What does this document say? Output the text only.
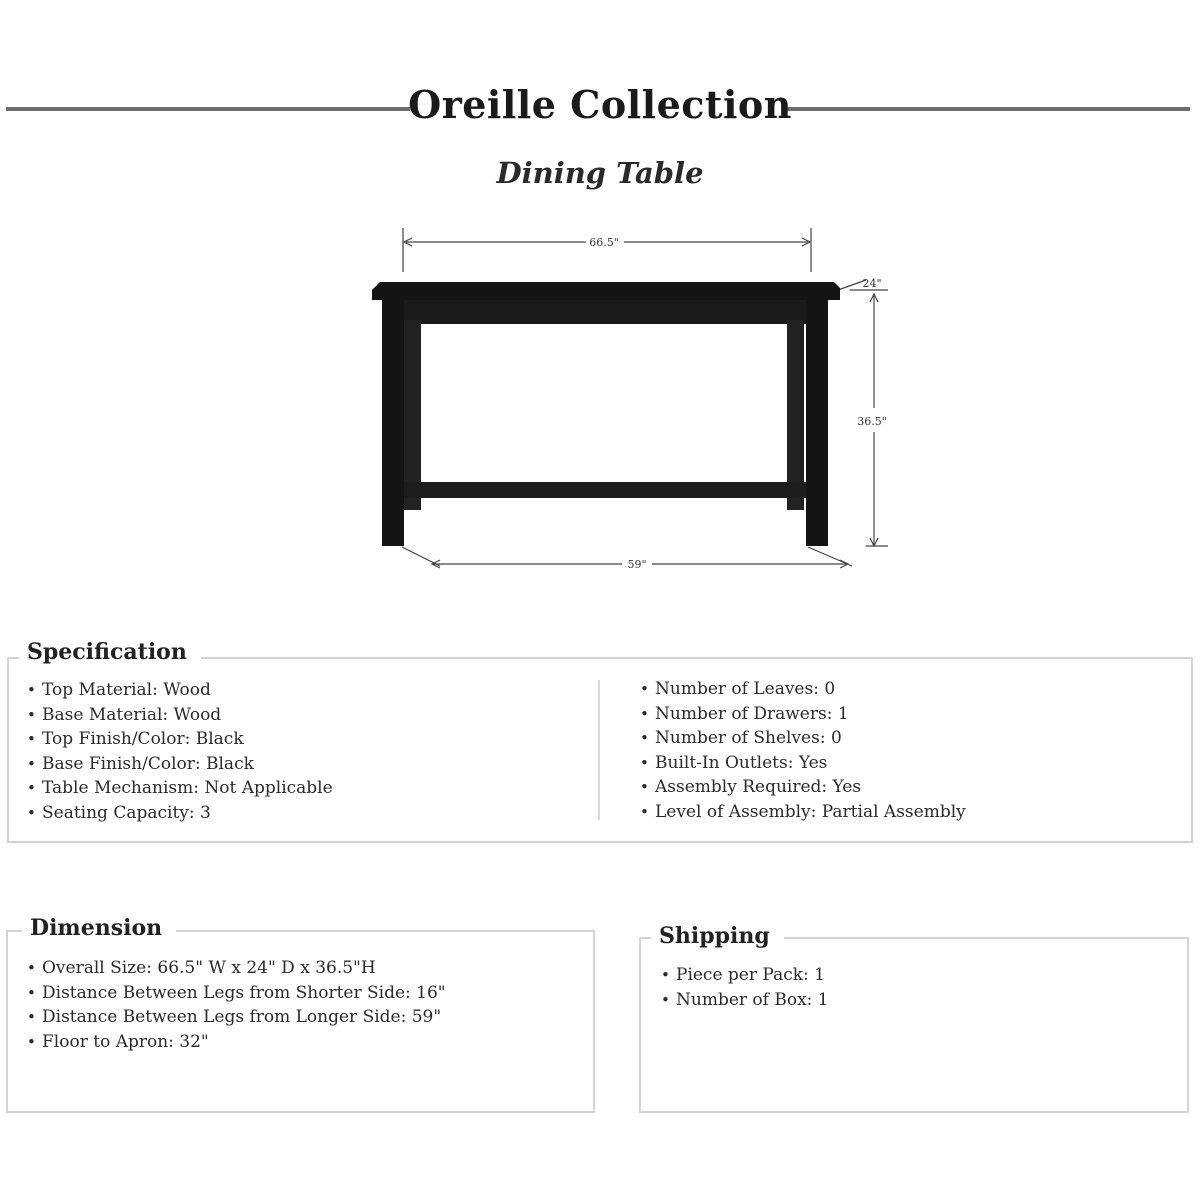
Oreille Collection
Dining Table
66.5"
24"
36.5"
59"
Specification
• Top Material: Wood
• Base Material: Wood
• Top Finish/Color: Black
• Base Finish/Color: Black
• Table Mechanism: Not Applicable
• Seating Capacity: 3
• Number of Leaves: 0
• Number of Drawers: 1
• Number of Shelves: 0
• Built-In Outlets: Yes
• Assembly Required: Yes
• Level of Assembly: Partial Assembly
Dimension
• Overall Size: 66.5" W x 24" D x 36.5"H
• Distance Between Legs from Shorter Side: 16"
• Distance Between Legs from Longer Side: 59"
• Floor to Apron: 32"
Shipping
• Piece per Pack: 1
• Number of Box: 1
